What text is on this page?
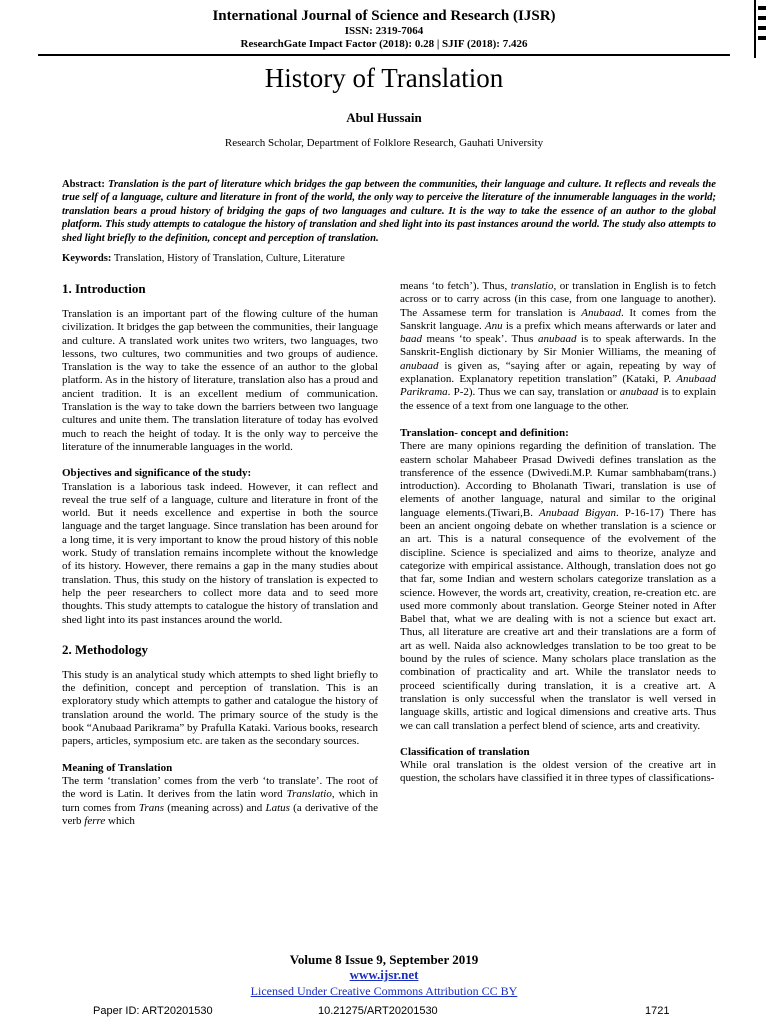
International Journal of Science and Research (IJSR)
ISSN: 2319-7064
ResearchGate Impact Factor (2018): 0.28 | SJIF (2018): 7.426
History of Translation
Abul Hussain
Research Scholar, Department of Folklore Research, Gauhati University
Abstract: Translation is the part of literature which bridges the gap between the communities, their language and culture. It reflects and reveals the true self of a language, culture and literature in front of the world, the only way to perceive the literature of the innumerable languages in the world; translation bears a proud history of bridging the gaps of two languages and culture. It is the way to take the essence of an author to the global platform. This study attempts to catalogue the history of translation and shed light into its past instances around the world. The study also attempts to shed light briefly to the definition, concept and perception of translation.
Keywords: Translation, History of Translation, Culture, Literature
1. Introduction

Translation is an important part of the flowing culture of the human civilization. It bridges the gap between the communities, their language and culture. A translated work unites two writers, two languages, two lessons, two cultures, two communities and two groups of audience. Translation is the way to take the essence of an author to the global platform. As in the history of literature, translation also has a proud and ancient tradition. It is an excellent medium of communication. Translation is the way to take down the barriers between two language cultures and unite them. The translation literature of today has evolved much to reach the height of today. It is the only way to perceive the literature of the innumerable languages in the world.

Objectives and significance of the study:

Translation is a laborious task indeed. However, it can reflect and reveal the true self of a language, culture and literature in front of the world. But it needs excellence and expertise in both the source language and the target language. Since translation has been around for a long time, it is very important to know the proud history of this noble work. Study of translation remains incomplete without the knowledge of its history. However, there remains a gap in the many studies about translation. Thus, this study on the history of translation is expected to help the peer researchers to collect more data and to seed more thoughts. This study attempts to catalogue the history of translation and shed light into its past instances around the world.

2. Methodology

This study is an analytical study which attempts to shed light briefly to the definition, concept and perception of translation. This is an exploratory study which attempts to gather and catalogue the history of translation around the world. The primary source of the study is the book “Anubaad Parikrama” by Prafulla Kataki. Various books, research papers, articles, symposium etc. are taken as the secondary sources.

Meaning of Translation

The term ‘translation’ comes from the verb ‘to translate’. The root of the word is Latin. It derives from the latin word Translatio, which in turn comes from Trans (meaning across) and Latus (a derivative of the verb ferre which

means ‘to fetch’). Thus, translatio, or translation in English is to fetch across or to carry across (in this case, from one language to another). The Assamese term for translation is Anubaad. It comes from the Sanskrit language. Anu is a prefix which means afterwards or later and baad means ‘to speak’. Thus anubaad is to speak afterwards. In the Sanskrit-English dictionary by Sir Monier Williams, the meaning of anubaad is given as, “saying after or again, repeating by way of explanation. Explanatory repetition translation” (Kataki, P. Anubaad Parikrama. P-2). Thus we can say, translation or anubaad is to explain the essence of a text from one language to the other.

Translation- concept and definition:

There are many opinions regarding the definition of translation. The eastern scholar Mahabeer Prasad Dwivedi defines translation as the transference of the essence (Dwivedi.M.P. Kumar sambhabam(trans.) introduction). According to Bholanath Tiwari, translation is use of elements of another language, natural and similar to the original language elements.(Tiwari,B. Anubaad Bigyan. P-16-17) There has been an ancient ongoing debate on whether translation is a science or an art. This is a natural consequence of the evolvement of the discipline. Science is specialized and aims to theorize, analyze and categorize with empirical assistance. Although, translation does not go that far, some Indian and western scholars categorize translation as a science. However, the words art, creativity, creation, re-creation etc. are used more commonly about translation. George Steiner noted in After Babel that, what we are dealing with is not a science but exact art. Thus, all literature are creative art and their translations are a form of art as well. Naida also acknowledges translation to be too great to be bound by the rules of science. Many scholars place translation as the combination of practicality and art. While the translator needs to proceed scientifically during translation, it is a creative art. A translation is only successful when the translator is well versed in language skills, artistic and logical dimensions and creative arts. Thus we can call translation a perfect blend of science, arts and creativity.

Classification of translation

While oral translation is the oldest version of the creative art in question, the scholars have classified it in three types of classifications-

Volume 8 Issue 9, September 2019
www.ijsr.net
Licensed Under Creative Commons Attribution CC BY
Paper ID: ART20201530	10.21275/ART20201530	1721
